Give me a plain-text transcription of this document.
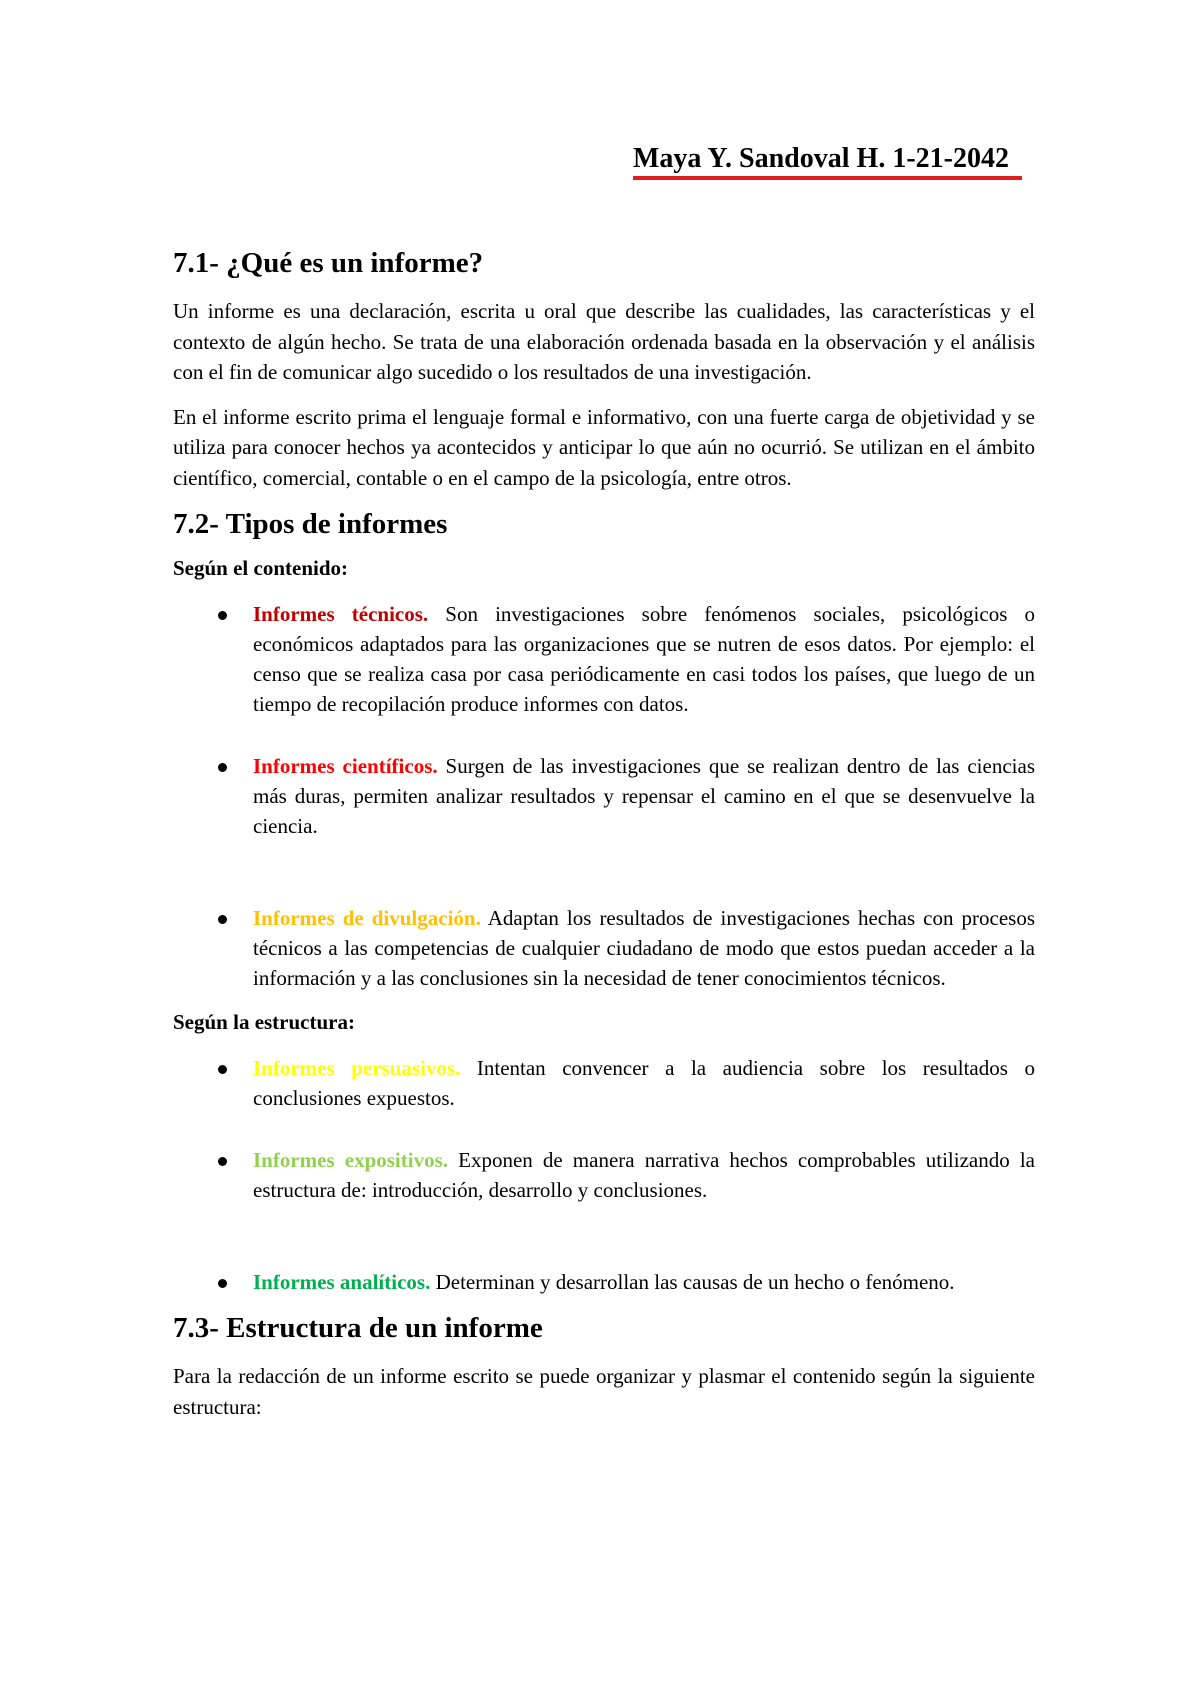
Maya Y. Sandoval H. 1-21-2042
7.1- ¿Qué es un informe?

Un informe es una declaración, escrita u oral que describe las cualidades, las características y el contexto de algún hecho. Se trata de una elaboración ordenada basada en la observación y el análisis con el fin de comunicar algo sucedido o los resultados de una investigación.

En el informe escrito prima el lenguaje formal e informativo, con una fuerte carga de objetividad y se utiliza para conocer hechos ya acontecidos y anticipar lo que aún no ocurrió. Se utilizan en el ámbito científico, comercial, contable o en el campo de la psicología, entre otros.

7.2- Tipos de informes
Según el contenido:
Informes técnicos. Son investigaciones sobre fenómenos sociales, psicológicos o económicos adaptados para las organizaciones que se nutren de esos datos. Por ejemplo: el censo que se realiza casa por casa periódicamente en casi todos los países, que luego de un tiempo de recopilación produce informes con datos.
Informes científicos. Surgen de las investigaciones que se realizan dentro de las ciencias más duras, permiten analizar resultados y repensar el camino en el que se desenvuelve la ciencia.
Informes de divulgación. Adaptan los resultados de investigaciones hechas con procesos técnicos a las competencias de cualquier ciudadano de modo que estos puedan acceder a la información y a las conclusiones sin la necesidad de tener conocimientos técnicos.
Según la estructura:
Informes persuasivos. Intentan convencer a la audiencia sobre los resultados o conclusiones expuestos.
Informes expositivos. Exponen de manera narrativa hechos comprobables utilizando la estructura de: introducción, desarrollo y conclusiones.
Informes analíticos. Determinan y desarrollan las causas de un hecho o fenómeno.
7.3- Estructura de un informe

Para la redacción de un informe escrito se puede organizar y plasmar el contenido según la siguiente estructura:
